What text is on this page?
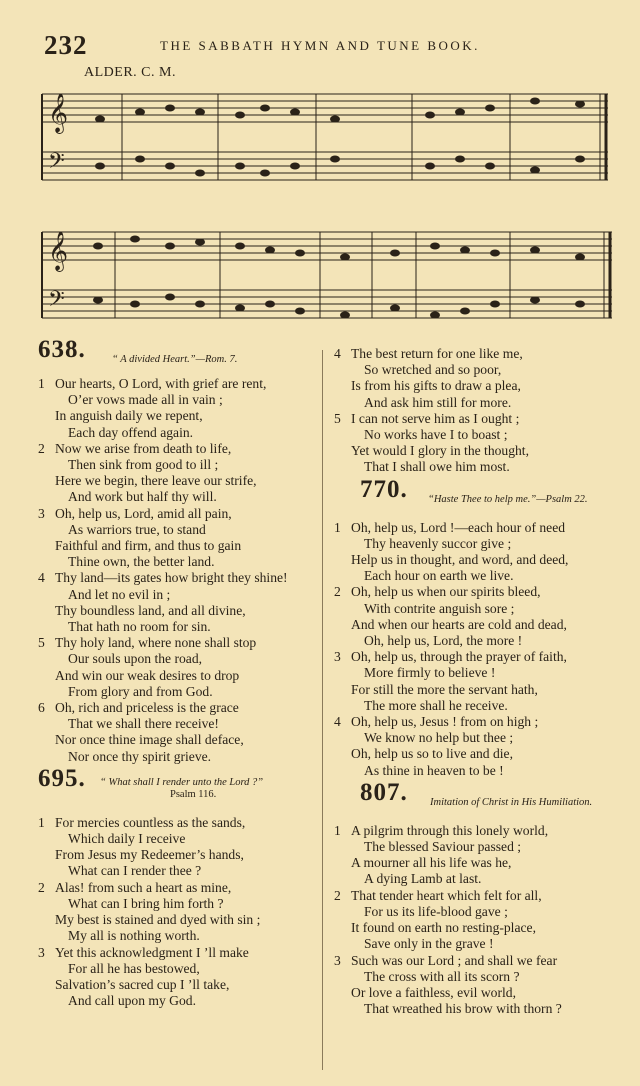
232	THE SABBATH HYMN AND TUNE BOOK.
ALDER. C. M.
𝄞
𝄢
𝄞
𝄢
638.	“ A divided Heart.”—Rom. 7.
1 Our hearts, O Lord, with grief are rent,
O’er vows made all in vain ;
In anguish daily we repent,
Each day offend again.
2 Now we arise from death to life,
Then sink from good to ill ;
Here we begin, there leave our strife,
And work but half thy will.
3 Oh, help us, Lord, amid all pain,
As warriors true, to stand
Faithful and firm, and thus to gain
Thine own, the better land.
4 Thy land—its gates how bright they shine!
And let no evil in ;
Thy boundless land, and all divine,
That hath no room for sin.
5 Thy holy land, where none shall stop
Our souls upon the road,
And win our weak desires to drop
From glory and from God.
6 Oh, rich and priceless is the grace
That we shall there receive!
Nor once thine image shall deface,
Nor once thy spirit grieve.
695. “ What shall I render unto the Lord ?”
Psalm 116.
1 For mercies countless as the sands,
Which daily I receive
From Jesus my Redeemer’s hands,
What can I render thee ?
2 Alas! from such a heart as mine,
What can I bring him forth ?
My best is stained and dyed with sin ;
My all is nothing worth.
3 Yet this acknowledgment I ’ll make
For all he has bestowed,
Salvation’s sacred cup I ’ll take,
And call upon my God.
4 The best return for one like me,
So wretched and so poor,
Is from his gifts to draw a plea,
And ask him still for more.
5 I can not serve him as I ought ;
No works have I to boast ;
Yet would I glory in the thought,
That I shall owe him most.
770. “Haste Thee to help me.”—Psalm 22.
1 Oh, help us, Lord !—each hour of need
Thy heavenly succor give ;
Help us in thought, and word, and deed,
Each hour on earth we live.
2 Oh, help us when our spirits bleed,
With contrite anguish sore ;
And when our hearts are cold and dead,
Oh, help us, Lord, the more !
3 Oh, help us, through the prayer of faith,
More firmly to believe !
For still the more the servant hath,
The more shall he receive.
4 Oh, help us, Jesus ! from on high ;
We know no help but thee ;
Oh, help us so to live and die,
As thine in heaven to be !
807. Imitation of Christ in His Humiliation.
1 A pilgrim through this lonely world,
The blessed Saviour passed ;
A mourner all his life was he,
A dying Lamb at last.
2 That tender heart which felt for all,
For us its life-blood gave ;
It found on earth no resting-place,
Save only in the grave !
3 Such was our Lord ; and shall we fear
The cross with all its scorn ?
Or love a faithless, evil world,
That wreathed his brow with thorn ?
